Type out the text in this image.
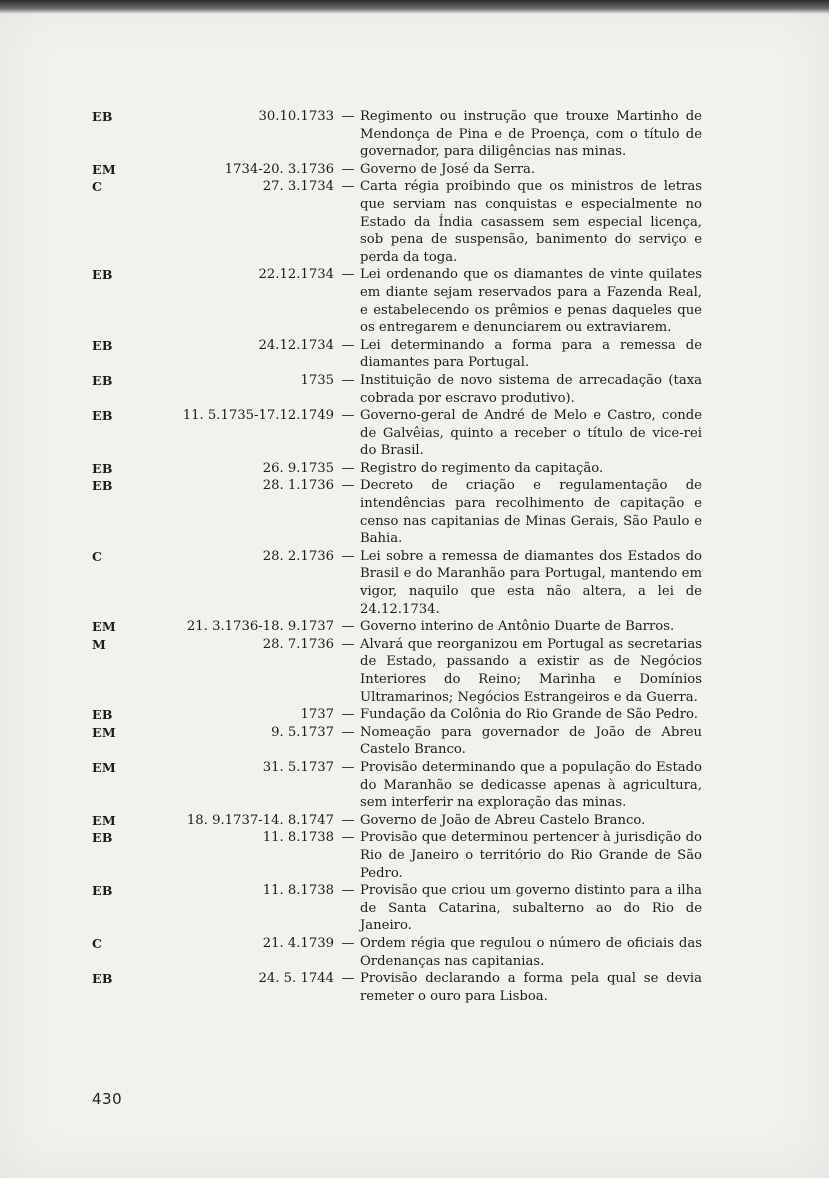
EB	30.10.1733 — Regimento ou instrução que trouxe Martinho de Mendonça de Pina e de Proença, com o título de governador, para diligências nas minas.
EM	1734-20. 3.1736 — Governo de José da Serra.
C	27. 3.1734 — Carta régia proibindo que os ministros de letras que serviam nas conquistas e especialmente no Estado da Índia casassem sem especial licença, sob pena de suspensão, banimento do serviço e perda da toga.
EB	22.12.1734 — Lei ordenando que os diamantes de vinte quilates em diante sejam reservados para a Fazenda Real, e estabelecendo os prêmios e penas daqueles que os entregarem e denunciarem ou extraviarem.
EB	24.12.1734 — Lei determinando a forma para a remessa de diamantes para Portugal.
EB	1735 — Instituição de novo sistema de arrecadação (taxa cobrada por escravo produtivo).
EB	11. 5.1735-17.12.1749 — Governo-geral de André de Melo e Castro, conde de Galvêias, quinto a receber o título de vice-rei do Brasil.
EB	26. 9.1735 — Registro do regimento da capitação.
EB	28. 1.1736 — Decreto de criação e regulamentação de intendências para recolhimento de capitação e censo nas capitanias de Minas Gerais, São Paulo e Bahia.
C	28. 2.1736 — Lei sobre a remessa de diamantes dos Estados do Brasil e do Maranhão para Portugal, mantendo em vigor, naquilo que esta não altera, a lei de 24.12.1734.
EM	21. 3.1736-18. 9.1737 — Governo interino de Antônio Duarte de Barros.
M	28. 7.1736 — Alvará que reorganizou em Portugal as secretarias de Estado, passando a existir as de Negócios Interiores do Reino; Marinha e Domínios Ultramarinos; Negócios Estrangeiros e da Guerra.
EB	1737 — Fundação da Colônia do Rio Grande de São Pedro.
EM	9. 5.1737 — Nomeação para governador de João de Abreu Castelo Branco.
EM	31. 5.1737 — Provisão determinando que a população do Estado do Maranhão se dedicasse apenas à agricultura, sem interferir na exploração das minas.
EM	18. 9.1737-14. 8.1747 — Governo de João de Abreu Castelo Branco.
EB	11. 8.1738 — Provisão que determinou pertencer à jurisdição do Rio de Janeiro o território do Rio Grande de São Pedro.
EB	11. 8.1738 — Provisão que criou um governo distinto para a ilha de Santa Catarina, subalterno ao do Rio de Janeiro.
C	21. 4.1739 — Ordem régia que regulou o número de oficiais das Ordenanças nas capitanias.
EB	24. 5. 1744 — Provisão declarando a forma pela qual se devia remeter o ouro para Lisboa.
430
